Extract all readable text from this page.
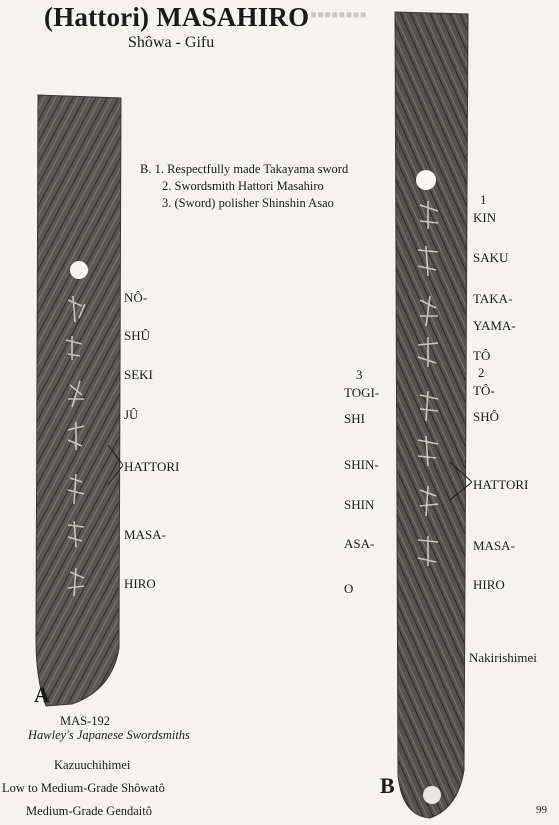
▪▪▪▪▪▪▪▪
(Hattori) MASAHIRO
Shôwa - Gifu
B. 1. Respectfully made Takayama sword
2. Swordsmith Hattori Masahiro
3. (Sword) polisher Shinshin Asao
NÔ-
SHÛ
SEKI
JÛ
HATTORI
MASA-
HIRO
A
MAS-192
Hawley's Japanese Swordsmiths
Kazuuchihimei
Low to Medium-Grade Shôwatô
Medium-Grade Gendaitô
1
KIN
SAKU
TAKA-
YAMA-
TÔ
2
TÔ-
SHÔ
HATTORI
MASA-
HIRO
Nakirishimei
3
TOGI-
SHI
SHIN-
SHIN
ASA-
O
B
99
